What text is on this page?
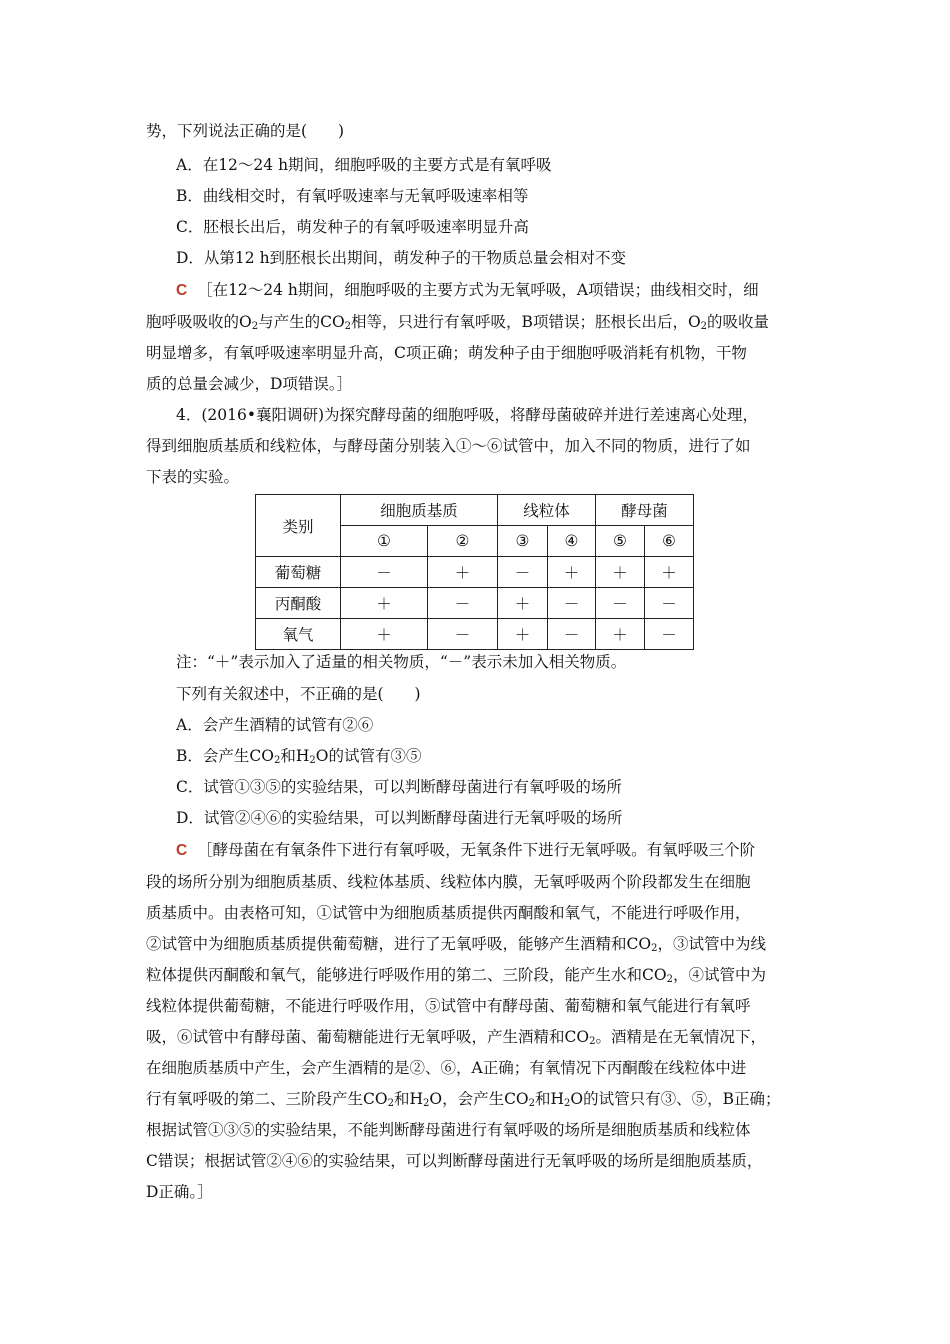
势，下列说法正确的是(　　)
A．在12～24 h期间，细胞呼吸的主要方式是有氧呼吸
B．曲线相交时，有氧呼吸速率与无氧呼吸速率相等
C．胚根长出后，萌发种子的有氧呼吸速率明显升高
D．从第12 h到胚根长出期间，萌发种子的干物质总量会相对不变
C ［在12～24 h期间，细胞呼吸的主要方式为无氧呼吸，A项错误；曲线相交时，细
胞呼吸吸收的$O_2$与产生的$CO_2$相等，只进行有氧呼吸，B项错误；胚根长出后，$O_2$的吸收量
明显增多，有氧呼吸速率明显升高，C项正确；萌发种子由于细胞呼吸消耗有机物，干物
质的总量会减少，D项错误。］
4．(2016•襄阳调研)为探究酵母菌的细胞呼吸，将酵母菌破碎并进行差速离心处理，
得到细胞质基质和线粒体，与酵母菌分别装入①～⑥试管中，加入不同的物质，进行了如
下表的实验。
类别	细胞质基质		线粒体		酵母菌	
	①	②	③	④	⑤	⑥
葡萄糖	－	＋	－	＋	＋	＋
丙酮酸	＋	－	＋	－	－	－
氧气	＋	－	＋	－	＋	－
注：“＋”表示加入了适量的相关物质，“－”表示未加入相关物质。
下列有关叙述中，不正确的是(　　)
A．会产生酒精的试管有②⑥
B．会产生$CO_2$和$H_2O$的试管有③⑤
C．试管①③⑤的实验结果，可以判断酵母菌进行有氧呼吸的场所
D．试管②④⑥的实验结果，可以判断酵母菌进行无氧呼吸的场所
C ［酵母菌在有氧条件下进行有氧呼吸，无氧条件下进行无氧呼吸。有氧呼吸三个阶
段的场所分别为细胞质基质、线粒体基质、线粒体内膜，无氧呼吸两个阶段都发生在细胞
质基质中。由表格可知，①试管中为细胞质基质提供丙酮酸和氧气，不能进行呼吸作用，
②试管中为细胞质基质提供葡萄糖，进行了无氧呼吸，能够产生酒精和$CO_2$，③试管中为线
粒体提供丙酮酸和氧气，能够进行呼吸作用的第二、三阶段，能产生水和$CO_2$，④试管中为
线粒体提供葡萄糖，不能进行呼吸作用，⑤试管中有酵母菌、葡萄糖和氧气能进行有氧呼
吸，⑥试管中有酵母菌、葡萄糖能进行无氧呼吸，产生酒精和$CO_2$。酒精是在无氧情况下，
在细胞质基质中产生，会产生酒精的是②、⑥，A正确；有氧情况下丙酮酸在线粒体中进
行有氧呼吸的第二、三阶段产生$CO_2$和$H_2O$，会产生$CO_2$和$H_2O$的试管只有③、⑤，B正确；
根据试管①③⑤的实验结果，不能判断酵母菌进行有氧呼吸的场所是细胞质基质和线粒体
C错误；根据试管②④⑥的实验结果，可以判断酵母菌进行无氧呼吸的场所是细胞质基质，
D正确。］
